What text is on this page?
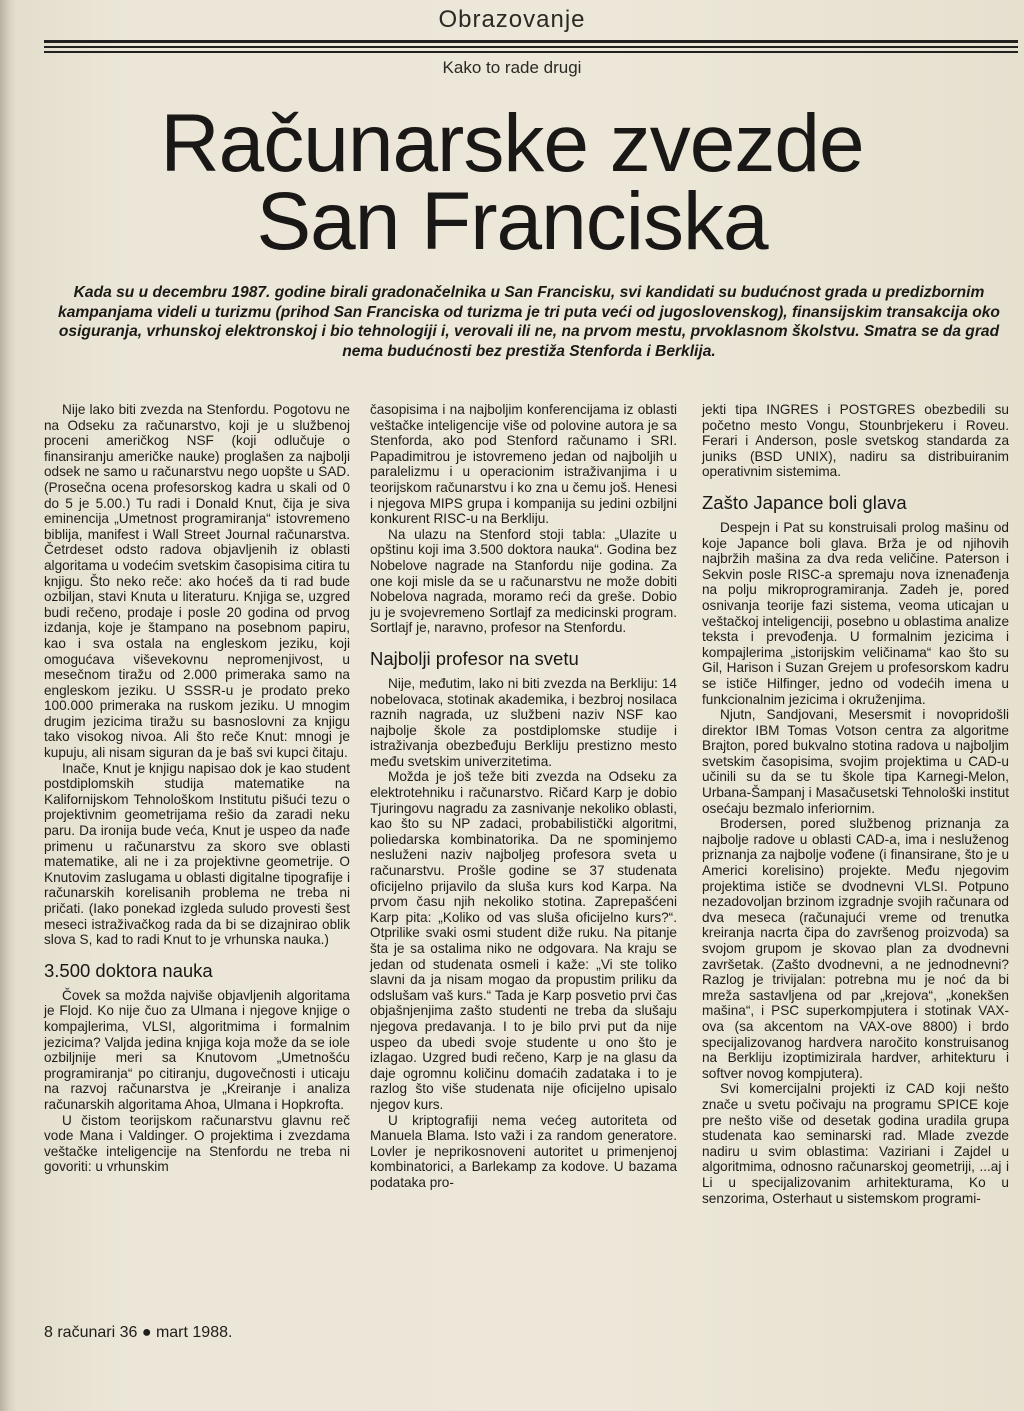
Obrazovanje
Kako to rade drugi
Računarske zvezde
San Franciska
Kada su u decembru 1987. godine birali gradonačelnika u San Francisku, svi kandidati su budućnost grada u predizbornim kampanjama videli u turizmu (prihod San Franciska od turizma je tri puta veći od jugoslovenskog), finansijskim transakcija oko osiguranja, vrhunskoj elektronskoj i bio tehnologiji i, verovali ili ne, na prvom mestu, prvoklasnom školstvu. Smatra se da grad nema budućnosti bez prestiža Stenforda i Berklija.

Nije lako biti zvezda na Stenfordu. Pogotovu ne na Odseku za računarstvo, koji je u službenoj proceni američkog NSF (koji odlučuje o finansiranju američke nauke) proglašen za najbolji odsek ne samo u računarstvu nego uopšte u SAD. (Prosečna ocena profesorskog kadra u skali od 0 do 5 je 5.00.) Tu radi i Donald Knut, čija je siva eminencija „Umetnost programiranja“ istovremeno biblija, manifest i Wall Street Journal računarstva. Četrdeset odsto radova objavljenih iz oblasti algoritama u vodećim svetskim časopisima citira tu knjigu. Što neko reče: ako hoćeš da ti rad bude ozbiljan, stavi Knuta u literaturu. Knjiga se, uzgred budi rečeno, prodaje i posle 20 godina od prvog izdanja, koje je štampano na posebnom papiru, kao i sva ostala na engleskom jeziku, koji omogućava viševekovnu nepromenjivost, u mesečnom tiražu od 2.000 primeraka samo na engleskom jeziku. U SSSR-u je prodato preko 100.000 primeraka na ruskom jeziku. U mnogim drugim jezicima tiražu su basnoslovni za knjigu tako visokog nivoa. Ali što reče Knut: mnogi je kupuju, ali nisam siguran da je baš svi kupci čitaju.

Inače, Knut je knjigu napisao dok je kao student postdiplomskih studija matematike na Kalifornijskom Tehnološkom Institutu pišući tezu o projektivnim geometrijama rešio da zaradi neku paru. Da ironija bude veća, Knut je uspeo da nađe primenu u računarstvu za skoro sve oblasti matematike, ali ne i za projektivne geometrije. O Knutovim zaslugama u oblasti digitalne tipografije i računarskih korelisanih problema ne treba ni pričati. (Iako ponekad izgleda suludo provesti šest meseci istraživačkog rada da bi se dizajnirao oblik slova S, kad to radi Knut to je vrhunska nauka.)

3.500 doktora nauka

Čovek sa možda najviše objavljenih algoritama je Flojd. Ko nije čuo za Ulmana i njegove knjige o kompajlerima, VLSI, algoritmima i formalnim jezicima? Valjda jedina knjiga koja može da se iole ozbiljnije meri sa Knutovom „Umetnošću programiranja“ po citiranju, dugovečnosti i uticaju na razvoj računarstva je „Kreiranje i analiza računarskih algoritama Ahoa, Ulmana i Hopkrofta.

U čistom teorijskom računarstvu glavnu reč vode Mana i Valdinger. O projektima i zvezdama veštačke inteligencije na Stenfordu ne treba ni govoriti: u vrhunskim

časopisima i na najboljim konferencijama iz oblasti veštačke inteligencije više od polovine autora je sa Stenforda, ako pod Stenford računamo i SRI. Papadimitrou je istovremeno jedan od najboljih u paralelizmu i u operacionim istraživanjima i u teorijskom računarstvu i ko zna u čemu još. Henesi i njegova MIPS grupa i kompanija su jedini ozbiljni konkurent RISC-u na Berkliju.

Na ulazu na Stenford stoji tabla: „Ulazite u opštinu koji ima 3.500 doktora nauka“. Godina bez Nobelove nagrade na Stanfordu nije godina. Za one koji misle da se u računarstvu ne može dobiti Nobelova nagrada, moramo reći da greše. Dobio ju je svojevremeno Sortlajf za medicinski program. Sortlajf je, naravno, profesor na Stenfordu.

Najbolji profesor na svetu

Nije, međutim, lako ni biti zvezda na Berkliju: 14 nobelovaca, stotinak akademika, i bezbroj nosilaca raznih nagrada, uz službeni naziv NSF kao najbolje škole za postdiplomske studije i istraživanja obezbeđuju Berkliju prestizno mesto među svetskim univerzitetima.

Možda je još teže biti zvezda na Odseku za elektrotehniku i računarstvo. Ričard Karp je dobio Tjuringovu nagradu za zasnivanje nekoliko oblasti, kao što su NP zadaci, probabilistički algoritmi, poliedarska kombinatorika. Da ne spominjemo nesluženi naziv najboljeg profesora sveta u računarstvu. Prošle godine se 37 studenata oficijelno prijavilo da sluša kurs kod Karpa. Na prvom času njih nekoliko stotina. Zaprepašćeni Karp pita: „Koliko od vas sluša oficijelno kurs?“. Otprilike svaki osmi student diže ruku. Na pitanje šta je sa ostalima niko ne odgovara. Na kraju se jedan od studenata osmeli i kaže: „Vi ste toliko slavni da ja nisam mogao da propustim priliku da odslušam vaš kurs.“ Tada je Karp posvetio prvi čas objašnjenjima zašto studenti ne treba da slušaju njegova predavanja. I to je bilo prvi put da nije uspeo da ubedi svoje studente u ono što je izlagao. Uzgred budi rečeno, Karp je na glasu da daje ogromnu količinu domaćih zadataka i to je razlog što više studenata nije oficijelno upisalo njegov kurs.

U kriptografiji nema većeg autoriteta od Manuela Blama. Isto važi i za random generatore. Lovler je neprikosnoveni autoritet u primenjenoj kombinatorici, a Barlekamp za kodove. U bazama podataka pro-

jekti tipa INGRES i POSTGRES obezbedili su početno mesto Vongu, Stounbrjekeru i Roveu. Ferari i Anderson, posle svetskog standarda za juniks (BSD UNIX), nadiru sa distribuiranim operativnim sistemima.

Zašto Japance boli glava

Despejn i Pat su konstruisali prolog mašinu od koje Japance boli glava. Brža je od njihovih najbržih mašina za dva reda veličine. Paterson i Sekvin posle RISC-a spremaju nova iznenađenja na polju mikroprogramiranja. Zadeh je, pored osnivanja teorije fazi sistema, veoma uticajan u veštačkoj inteligenciji, posebno u oblastima analize teksta i prevođenja. U formalnim jezicima i kompajlerima „istorijskim veličinama“ kao što su Gil, Harison i Suzan Grejem u profesorskom kadru se ističe Hilfinger, jedno od vodećih imena u funkcionalnim jezicima i okruženjima.

Njutn, Sandjovani, Mesersmit i novopridošli direktor IBM Tomas Votson centra za algoritme Brajton, pored bukvalno stotina radova u najboljim svetskim časopisima, svojim projektima u CAD-u učinili su da se tu škole tipa Karnegi-Melon, Urbana-Šampanj i Masačusetski Tehnološki institut osećaju bezmalo inferiornim.

Brodersen, pored službenog priznanja za najbolje radove u oblasti CAD-a, ima i nesluženog priznanja za najbolje vođene (i finansirane, što je u Americi korelisino) projekte. Među njegovim projektima ističe se dvodnevni VLSI. Potpuno nezadovoljan brzinom izgradnje svojih računara od dva meseca (računajući vreme od trenutka kreiranja nacrta čipa do završenog proizvoda) sa svojom grupom je skovao plan za dvodnevni završetak. (Zašto dvodnevni, a ne jednodnevni? Razlog je trivijalan: potrebna mu je noć da bi mreža sastavljena od par „krejova“, „konekšen mašina“, i PSC superkompjutera i stotinak VAX-ova (sa akcentom na VAX-ove 8800) i brdo specijalizovanog hardvera naročito konstruisanog na Berkliju izoptimizirala hardver, arhitekturu i softver novog kompjutera).

Svi komercijalni projekti iz CAD koji nešto znače u svetu počivaju na programu SPICE koje pre nešto više od desetak godina uradila grupa studenata kao seminarski rad. Mlade zvezde nadiru u svim oblastima: Vaziriani i Zajdel u algoritmima, odnosno računarskoj geometriji, ...aj i Li u specijalizovanim arhitekturama, Ko u senzorima, Osterhaut u sistemskom programi-

8 računari 36 ● mart 1988.
